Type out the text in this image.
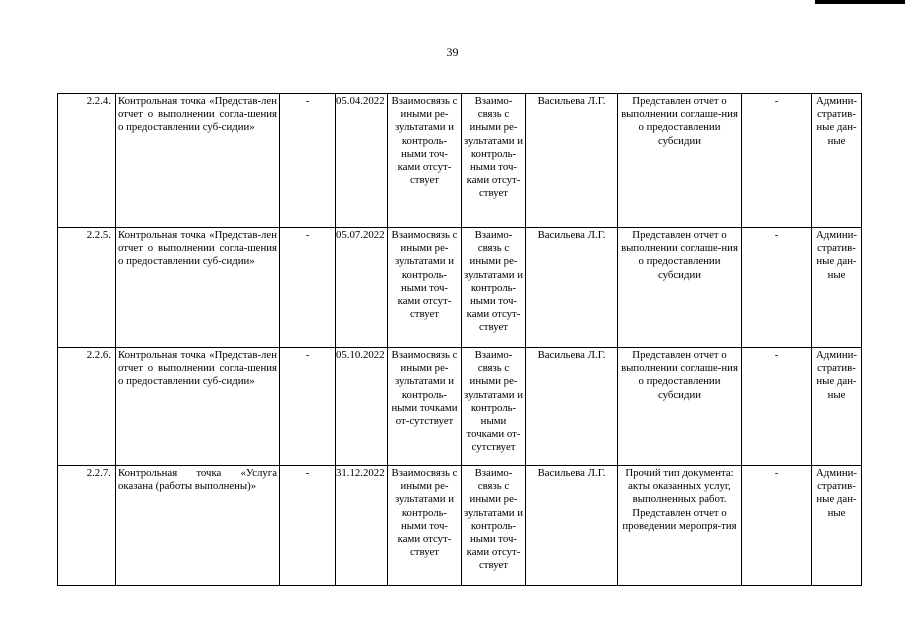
39
2.2.4.	Контрольная точка «Представ-лен отчет о выполнении согла-шения о предоставлении суб-сидии»	-	05.04.2022	Взаимосвязь с иными ре-зультатами и контроль-ными точ-ками отсут-ствует	Взаимо-связь с иными ре-зультатами и контроль-ными точ-ками отсут-ствует	Васильева Л.Г.	Представлен отчет о выполнении соглаше-ния о предоставлении субсидии	-	Админи-стратив-ные дан-ные
2.2.5.	Контрольная точка «Представ-лен отчет о выполнении согла-шения о предоставлении суб-сидии»	-	05.07.2022	Взаимосвязь с иными ре-зультатами и контроль-ными точ-ками отсут-ствует	Взаимо-связь с иными ре-зультатами и контроль-ными точ-ками отсут-ствует	Васильева Л.Г.	Представлен отчет о выполнении соглаше-ния о предоставлении субсидии	-	Админи-стратив-ные дан-ные
2.2.6.	Контрольная точка «Представ-лен отчет о выполнении согла-шения о предоставлении суб-сидии»	-	05.10.2022	Взаимосвязь с иными ре-зультатами и контроль-ными точками от-сутствует	Взаимо-связь с иными ре-зультатами и контроль-ными точками от-сутствует	Васильева Л.Г.	Представлен отчет о выполнении соглаше-ния о предоставлении субсидии	-	Админи-стратив-ные дан-ные
2.2.7.	Контрольная точка «Услуга оказана (работы выполнены)»	-	31.12.2022	Взаимосвязь с иными ре-зультатами и контроль-ными точ-ками отсут-ствует	Взаимо-связь с иными ре-зультатами и контроль-ными точ-ками отсут-ствует	Васильева Л.Г.	Прочий тип документа: акты оказанных услуг, выполненных работ. Представлен отчет о проведении меропря-тия	-	Админи-стратив-ные дан-ные
